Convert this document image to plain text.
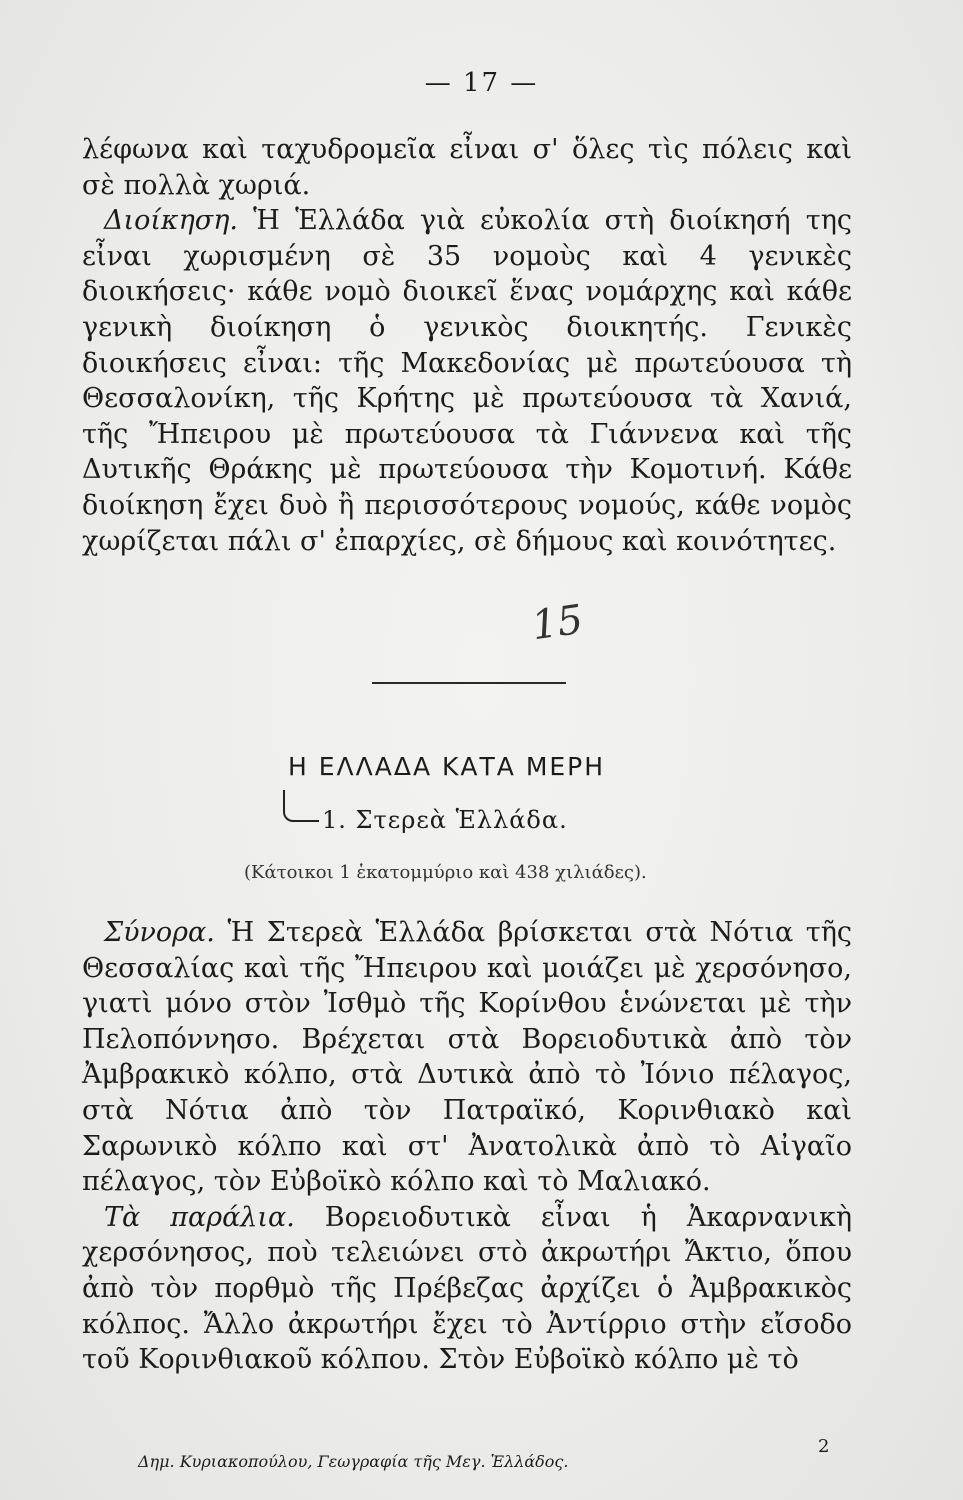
— 17 —

λέφωνα καὶ ταχυδρομεῖα εἶναι σ' ὅλες τὶς πόλεις καὶ σὲ πολλὰ χωριά.

Διοίκηση. Ἡ Ἑλλάδα γιὰ εὐκολία στὴ διοίκησή της εἶναι χωρισμένη σὲ 35 νομοὺς καὶ 4 γενικὲς διοικήσεις· κάθε νομὸ διοικεῖ ἕνας νομάρχης καὶ κάθε γενικὴ διοίκηση ὁ γενικὸς διοικητής. Γενικὲς διοικήσεις εἶναι: τῆς Μακεδονίας μὲ πρωτεύουσα τὴ Θεσσαλονίκη, τῆς Κρήτης μὲ πρωτεύουσα τὰ Χανιά, τῆς Ἤπειρου μὲ πρωτεύουσα τὰ Γιάννενα καὶ τῆς Δυτικῆς Θράκης μὲ πρωτεύουσα τὴν Κομοτινή. Κάθε διοίκηση ἔχει δυὸ ἢ περισσότερους νομούς, κάθε νομὸς χωρίζεται πάλι σ' ἐπαρχίες, σὲ δήμους καὶ κοινότητες.

15
Η ΕΛΛΑΔΑ ΚΑΤΑ ΜΕΡΗ
1. Στερεὰ Ἑλλάδα.
(Κάτοικοι 1 ἑκατομμύριο καὶ 438 χιλιάδες).

Σύνορα. Ἡ Στερεὰ Ἑλλάδα βρίσκεται στὰ Νότια τῆς Θεσσαλίας καὶ τῆς Ἤπειρου καὶ μοιάζει μὲ χερσόνησο, γιατὶ μόνο στὸν Ἰσθμὸ τῆς Κορίνθου ἑνώνεται μὲ τὴν Πελοπόννησο. Βρέχεται στὰ Βορειοδυτικὰ ἀπὸ τὸν Ἀμβρακικὸ κόλπο, στὰ Δυτικὰ ἀπὸ τὸ Ἰόνιο πέλαγος, στὰ Νότια ἀπὸ τὸν Πατραϊκό, Κορινθιακὸ καὶ Σαρωνικὸ κόλπο καὶ στ' Ἀνατολικὰ ἀπὸ τὸ Αἰγαῖο πέλαγος, τὸν Εὐβοϊκὸ κόλπο καὶ τὸ Μαλιακό.

Τὰ παράλια. Βορειοδυτικὰ εἶναι ἡ Ἀκαρνανικὴ χερσόνησος, ποὺ τελειώνει στὸ ἀκρωτήρι Ἄκτιο, ὅπου ἀπὸ τὸν πορθμὸ τῆς Πρέβεζας ἀρχίζει ὁ Ἀμβρακικὸς κόλπος. Ἄλλο ἀκρωτήρι ἔχει τὸ Ἀντίρριο στὴν εἴσοδο τοῦ Κορινθιακοῦ κόλπου. Στὸν Εὐβοϊκὸ κόλπο μὲ τὸ

Δημ. Κυριακοπούλου, Γεωγραφία τῆς Μεγ. Ἑλλάδος.
2
